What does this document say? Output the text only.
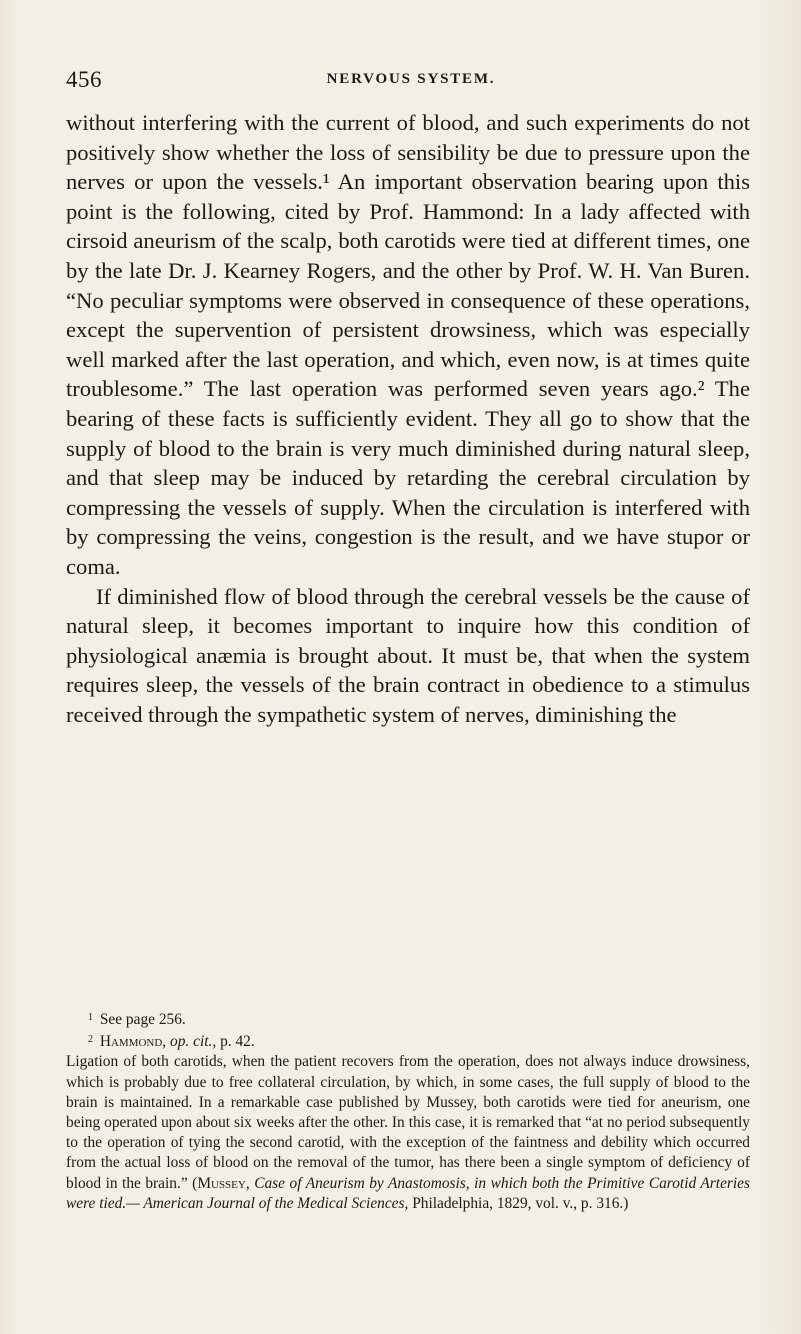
456	NERVOUS SYSTEM.

without interfering with the current of blood, and such experiments do not positively show whether the loss of sensibility be due to pressure upon the nerves or upon the vessels.¹ An important observation bearing upon this point is the following, cited by Prof. Hammond: In a lady affected with cirsoid aneurism of the scalp, both carotids were tied at different times, one by the late Dr. J. Kearney Rogers, and the other by Prof. W. H. Van Buren. “No peculiar symptoms were observed in consequence of these operations, except the supervention of persistent drowsiness, which was especially well marked after the last operation, and which, even now, is at times quite troublesome.” The last operation was performed seven years ago.² The bearing of these facts is sufficiently evident. They all go to show that the supply of blood to the brain is very much diminished during natural sleep, and that sleep may be induced by retarding the cerebral circulation by compressing the vessels of supply. When the circulation is interfered with by compressing the veins, congestion is the result, and we have stupor or coma.

If diminished flow of blood through the cerebral vessels be the cause of natural sleep, it becomes important to inquire how this condition of physiological anæmia is brought about. It must be, that when the system requires sleep, the vessels of the brain contract in obedience to a stimulus received through the sympathetic system of nerves, diminishing the

$^1$ See page 256.
$^2$ Hammond, op. cit., p. 42.
Ligation of both carotids, when the patient recovers from the operation, does not always induce drowsiness, which is probably due to free collateral circulation, by which, in some cases, the full supply of blood to the brain is maintained. In a remarkable case published by Mussey, both carotids were tied for aneurism, one being operated upon about six weeks after the other. In this case, it is remarked that “at no period subsequently to the operation of tying the second carotid, with the exception of the faintness and debility which occurred from the actual loss of blood on the removal of the tumor, has there been a single symptom of deficiency of blood in the brain.” (Mussey, Case of Aneurism by Anastomosis, in which both the Primitive Carotid Arteries were tied.— American Journal of the Medical Sciences, Philadelphia, 1829, vol. v., p. 316.)
